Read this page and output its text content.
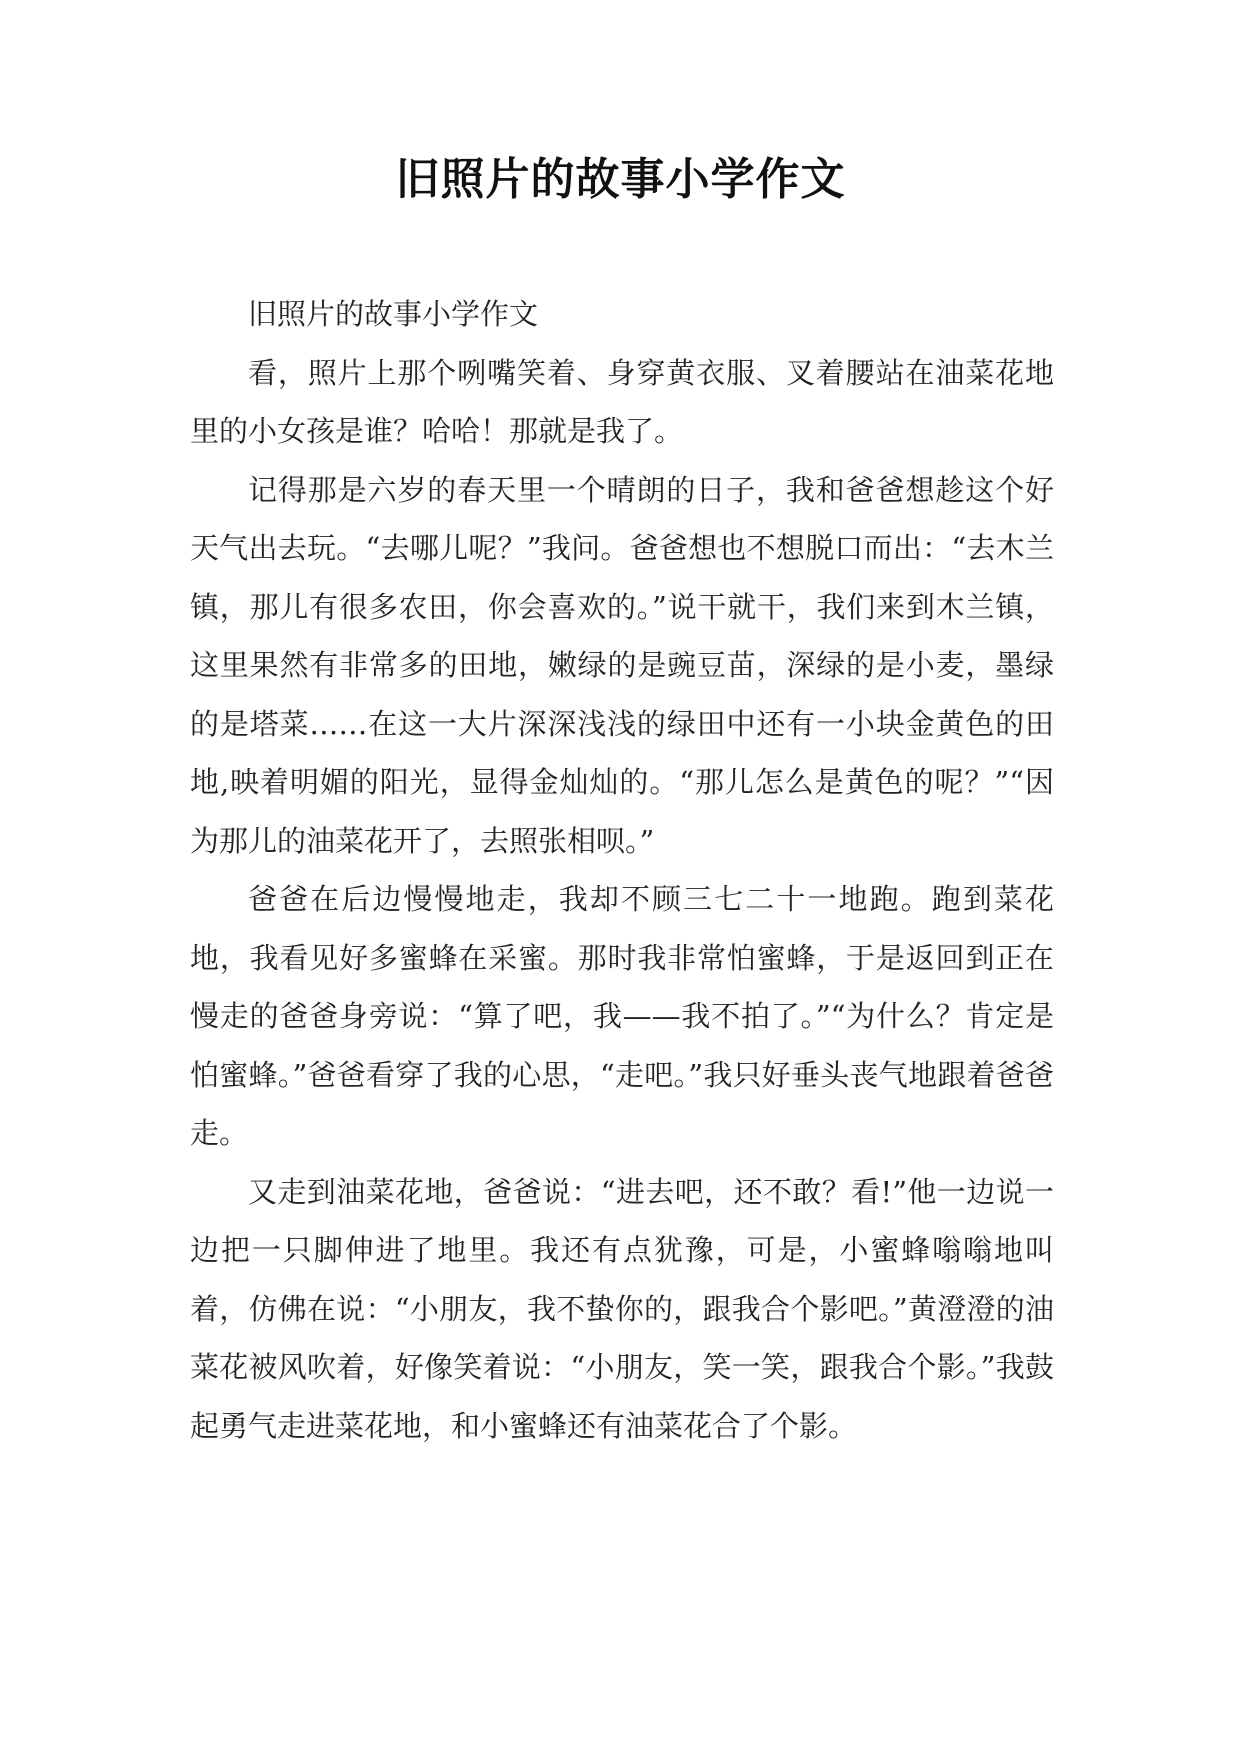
旧照片的故事小学作文

旧照片的故事小学作文

看，照片上那个咧嘴笑着、身穿黄衣服、叉着腰站在油菜花地里的小女孩是谁？哈哈！那就是我了。

记得那是六岁的春天里一个晴朗的日子，我和爸爸想趁这个好天气出去玩。“去哪儿呢？”我问。爸爸想也不想脱口而出：“去木兰镇，那儿有很多农田，你会喜欢的。”说干就干，我们来到木兰镇，这里果然有非常多的田地，嫩绿的是豌豆苗，深绿的是小麦，墨绿的是塔菜……在这一大片深深浅浅的绿田中还有一小块金黄色的田地,映着明媚的阳光，显得金灿灿的。“那儿怎么是黄色的呢？”“因为那儿的油菜花开了，去照张相呗。”

爸爸在后边慢慢地走，我却不顾三七二十一地跑。跑到菜花地，我看见好多蜜蜂在采蜜。那时我非常怕蜜蜂，于是返回到正在慢走的爸爸身旁说：“算了吧，我——我不拍了。”“为什么？肯定是怕蜜蜂。”爸爸看穿了我的心思，“走吧。”我只好垂头丧气地跟着爸爸走。

又走到油菜花地，爸爸说：“进去吧，还不敢？看!”他一边说一边把一只脚伸进了地里。我还有点犹豫，可是，小蜜蜂嗡嗡地叫着，仿佛在说：“小朋友，我不蛰你的，跟我合个影吧。”黄澄澄的油菜花被风吹着，好像笑着说：“小朋友，笑一笑，跟我合个影。”我鼓起勇气走进菜花地，和小蜜蜂还有油菜花合了个影。
